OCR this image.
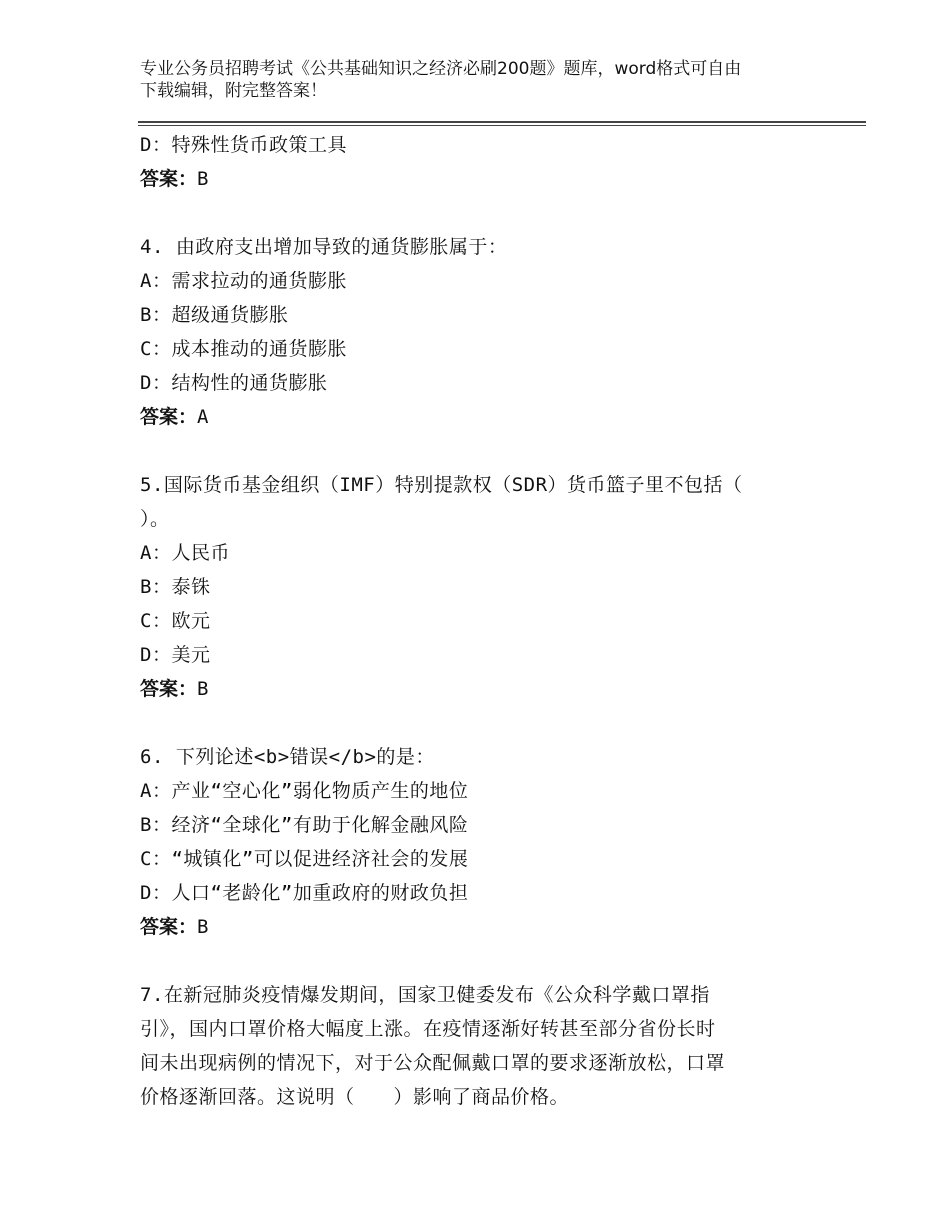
专业公务员招聘考试《公共基础知识之经济必刷200题》题库，word格式可自由
下载编辑，附完整答案！
D：特殊性货币政策工具
答案：B
4. 由政府支出增加导致的通货膨胀属于：
A：需求拉动的通货膨胀
B：超级通货膨胀
C：成本推动的通货膨胀
D：结构性的通货膨胀
答案：A
5.国际货币基金组织（IMF）特别提款权（SDR）货币篮子里不包括（
）。
A：人民币
B：泰铢
C：欧元
D：美元
答案：B
6. 下列论述<b>错误</b>的是：
A：产业“空心化”弱化物质产生的地位
B：经济“全球化”有助于化解金融风险
C：“城镇化”可以促进经济社会的发展
D：人口“老龄化”加重政府的财政负担
答案：B
7.在新冠肺炎疫情爆发期间，国家卫健委发布《公众科学戴口罩指
引》，国内口罩价格大幅度上涨。在疫情逐渐好转甚至部分省份长时
间未出现病例的情况下，对于公众配佩戴口罩的要求逐渐放松，口罩
价格逐渐回落。这说明（　　）影响了商品价格。
